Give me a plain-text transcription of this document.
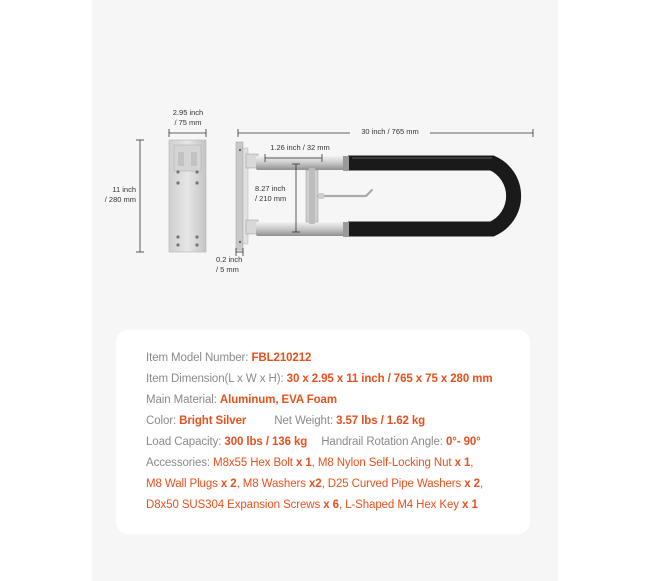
2.95 inch
/ 75 mm
11 inch
/ 280 mm
30 inch / 765 mm
1.26 inch / 32 mm
8.27 inch
/ 210 mm
0.2 inch
/ 5 mm
Item Model Number: FBL210212
Item Dimension(L x W x H): 30 x 2.95 x 11 inch / 765 x 75 x 280 mm
Main Material: Aluminum, EVA Foam
Color: Bright Silver Net Weight: 3.57 lbs / 1.62 kg
Load Capacity: 300 lbs / 136 kg Handrail Rotation Angle: 0°- 90°
Accessories: M8x55 Hex Bolt x 1, M8 Nylon Self-Locking Nut x 1,
M8 Wall Plugs x 2, M8 Washers x2, D25 Curved Pipe Washers x 2,
D8x50 SUS304 Expansion Screws x 6, L-Shaped M4 Hex Key x 1
